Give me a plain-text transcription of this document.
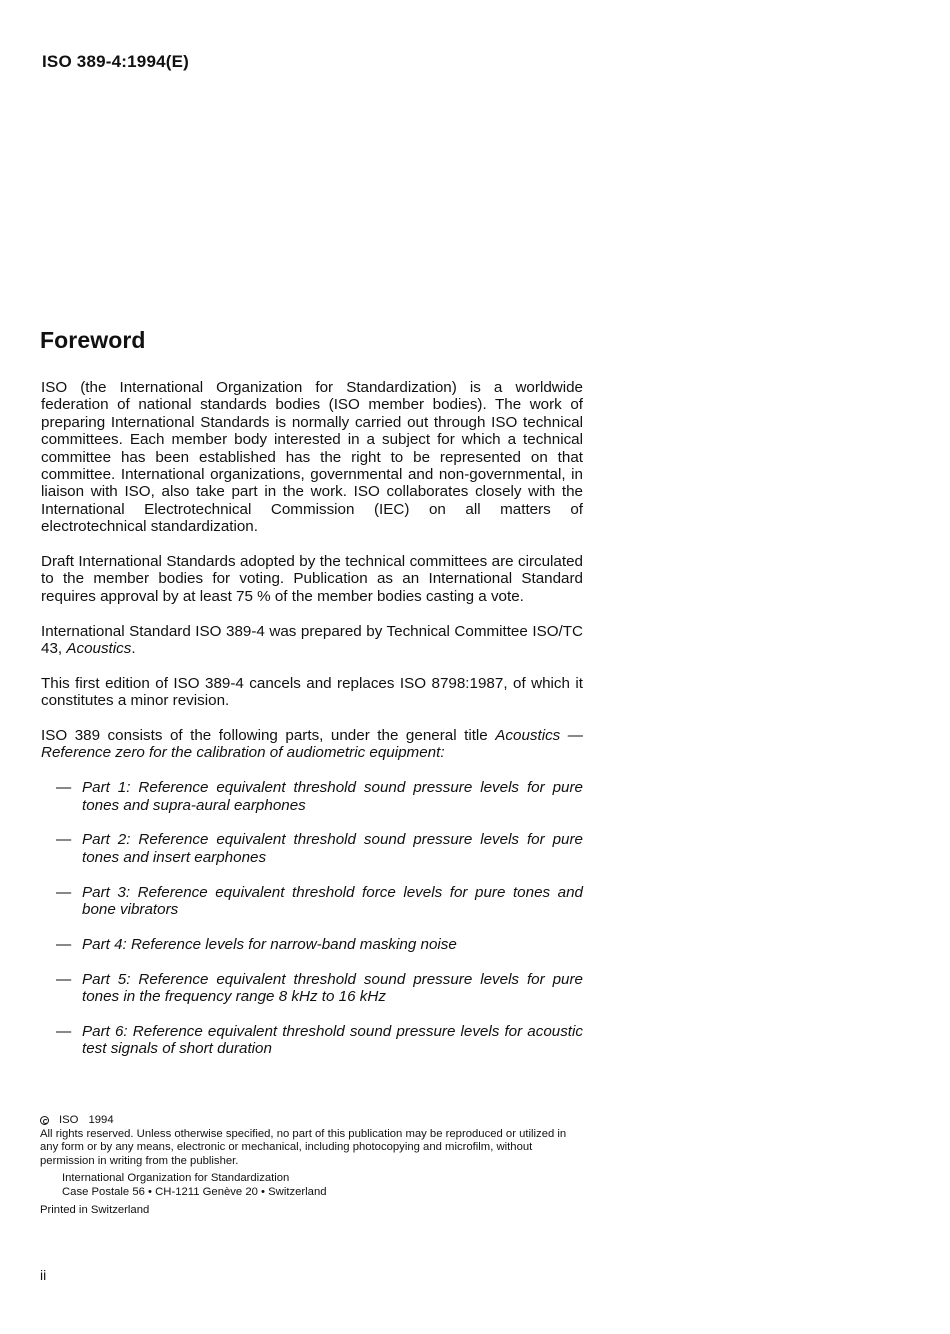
ISO 389-4:1994(E)
Foreword

ISO (the International Organization for Standardization) is a worldwide federation of national standards bodies (ISO member bodies). The work of preparing International Standards is normally carried out through ISO technical committees. Each member body interested in a subject for which a technical committee has been established has the right to be represented on that committee. International organizations, governmental and non-governmental, in liaison with ISO, also take part in the work. ISO collaborates closely with the International Electrotechnical Commission (IEC) on all matters of electrotechnical standardization.

Draft International Standards adopted by the technical committees are circulated to the member bodies for voting. Publication as an International Standard requires approval by at least 75 % of the member bodies casting a vote.

International Standard ISO 389-4 was prepared by Technical Committee ISO/TC 43, Acoustics.

This first edition of ISO 389-4 cancels and replaces ISO 8798:1987, of which it constitutes a minor revision.

ISO 389 consists of the following parts, under the general title Acoustics — Reference zero for the calibration of audiometric equipment:

— Part 1: Reference equivalent threshold sound pressure levels for pure tones and supra-aural earphones
— Part 2: Reference equivalent threshold sound pressure levels for pure tones and insert earphones
— Part 3: Reference equivalent threshold force levels for pure tones and bone vibrators
— Part 4: Reference levels for narrow-band masking noise
— Part 5: Reference equivalent threshold sound pressure levels for pure tones in the frequency range 8 kHz to 16 kHz
— Part 6: Reference equivalent threshold sound pressure levels for acoustic test signals of short duration
ISO 1994
All rights reserved. Unless otherwise specified, no part of this publication may be reproduced or utilized in any form or by any means, electronic or mechanical, including photocopying and microfilm, without permission in writing from the publisher.
International Organization for Standardization
Case Postale 56 • CH-1211 Genève 20 • Switzerland
Printed in Switzerland
ii
